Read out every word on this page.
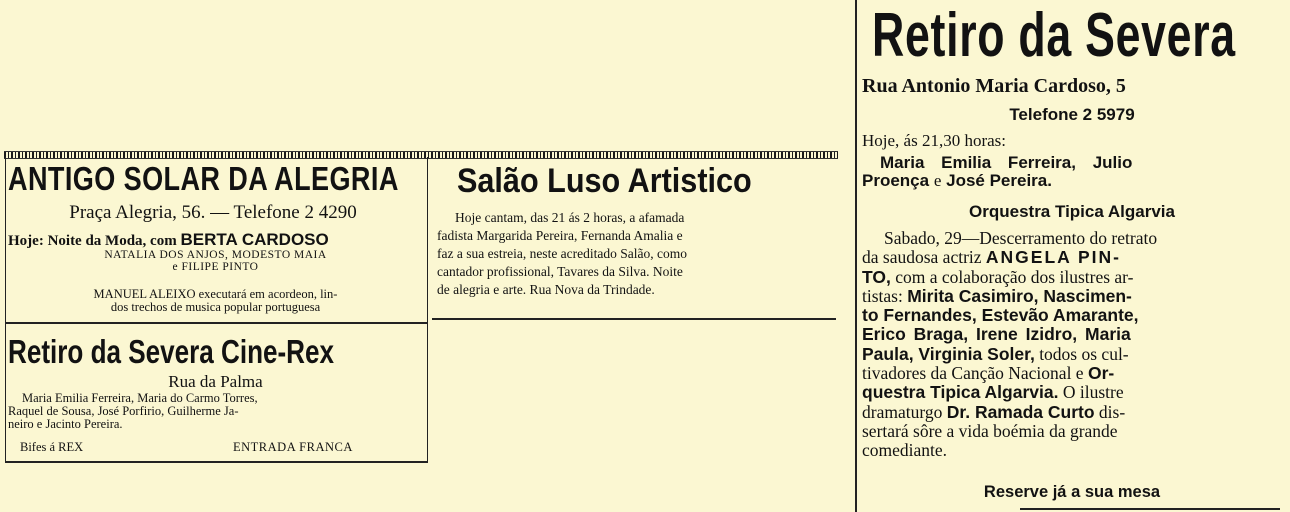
ANTIGO SOLAR DA ALEGRIA
Praça Alegria, 56. — Telefone 2 4290
Hoje: Noite da Moda, com BERTA CARDOSO
NATALIA DOS ANJOS, MODESTO MAIA
e FILIPE PINTO
MANUEL ALEIXO executará em acordeon, lin-
dos trechos de musica popular portuguesa
Retiro da Severa Cine-Rex
Rua da Palma
Maria Emilia Ferreira, Maria do Carmo Torres,
Raquel de Sousa, José Porfirio, Guilherme Ja-
neiro e Jacinto Pereira.
Bifes á REX	ENTRADA FRANCA
Salão Luso Artistico
Hoje cantam, das 21 ás 2 horas, a afamada
fadista Margarida Pereira, Fernanda Amalia e
faz a sua estreia, neste acreditado Salão, como
cantador profissional, Tavares da Silva. Noite
de alegria e arte. Rua Nova da Trindade.
Retiro da Severa
Rua Antonio Maria Cardoso, 5
Telefone 2 5979
Hoje, ás 21,30 horas:
Maria Emilia Ferreira, Julio
Proença e José Pereira.
Orquestra Tipica Algarvia
Sabado, 29—Descerramento do retrato
da saudosa actriz ANGELA PIN-
TO, com a colaboração dos ilustres ar-
tistas: Mirita Casimiro, Nascimen-
to Fernandes, Estevão Amarante,
Erico Braga, Irene Izidro, Maria
Paula, Virginia Soler, todos os cul-
tivadores da Canção Nacional e Or-
questra Tipica Algarvia. O ilustre
dramaturgo Dr. Ramada Curto dis-
sertará sôre a vida boémia da grande
comediante.
Reserve já a sua mesa
